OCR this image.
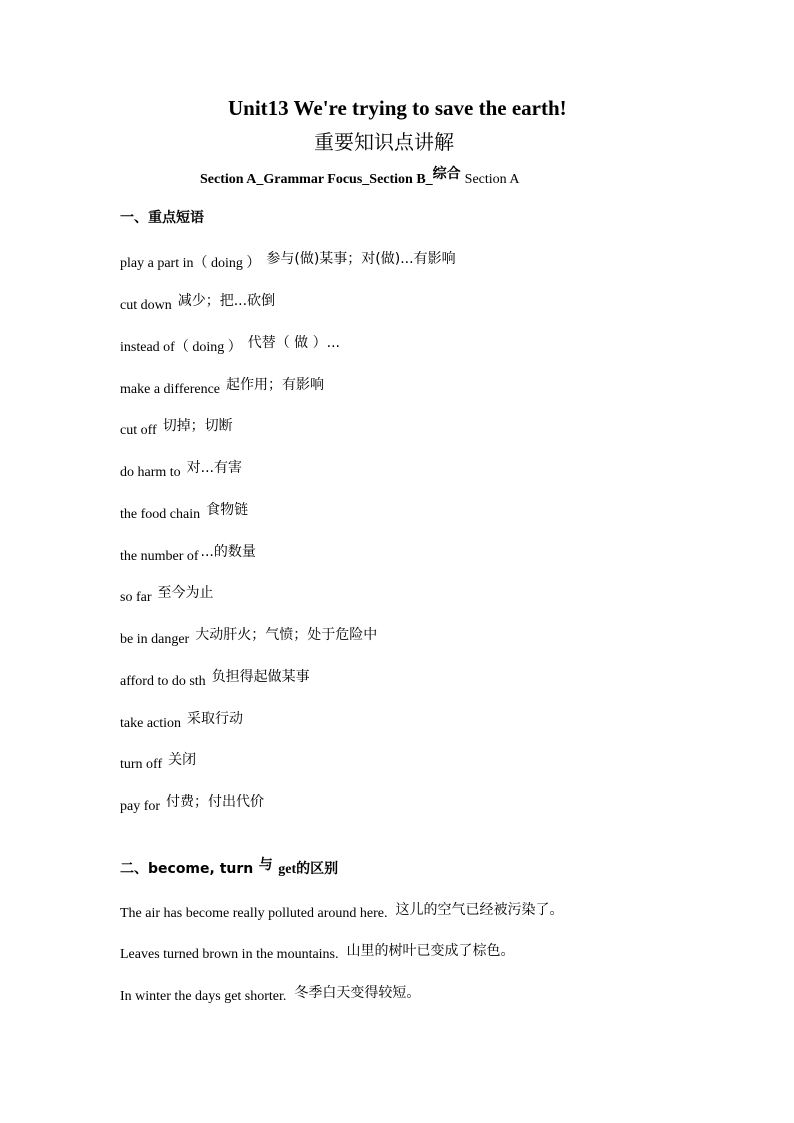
Unit13 We're trying to save the earth!
重要知识点讲解
Section A_Grammar Focus_Section B_综合 Section A
一、重点短语
play a part in（ doing ） 参与(做)某事；对(做)...有影响
cut down 减少；把...砍倒
instead of（ doing ） 代替（ 做 ）...
make a difference 起作用；有影响
cut off 切掉；切断
do harm to 对...有害
the food chain 食物链
the number of ...的数量
so far 至今为止
be in danger 大动肝火；气愤；处于危险中
afford to do sth 负担得起做某事
take action 采取行动
turn off 关闭
pay for 付费；付出代价
二、become, turn 与 get的区别
The air has become really polluted around here. 这儿的空气已经被污染了。
Leaves turned brown in the mountains. 山里的树叶已变成了棕色。
In winter the days get shorter. 冬季白天变得较短。
